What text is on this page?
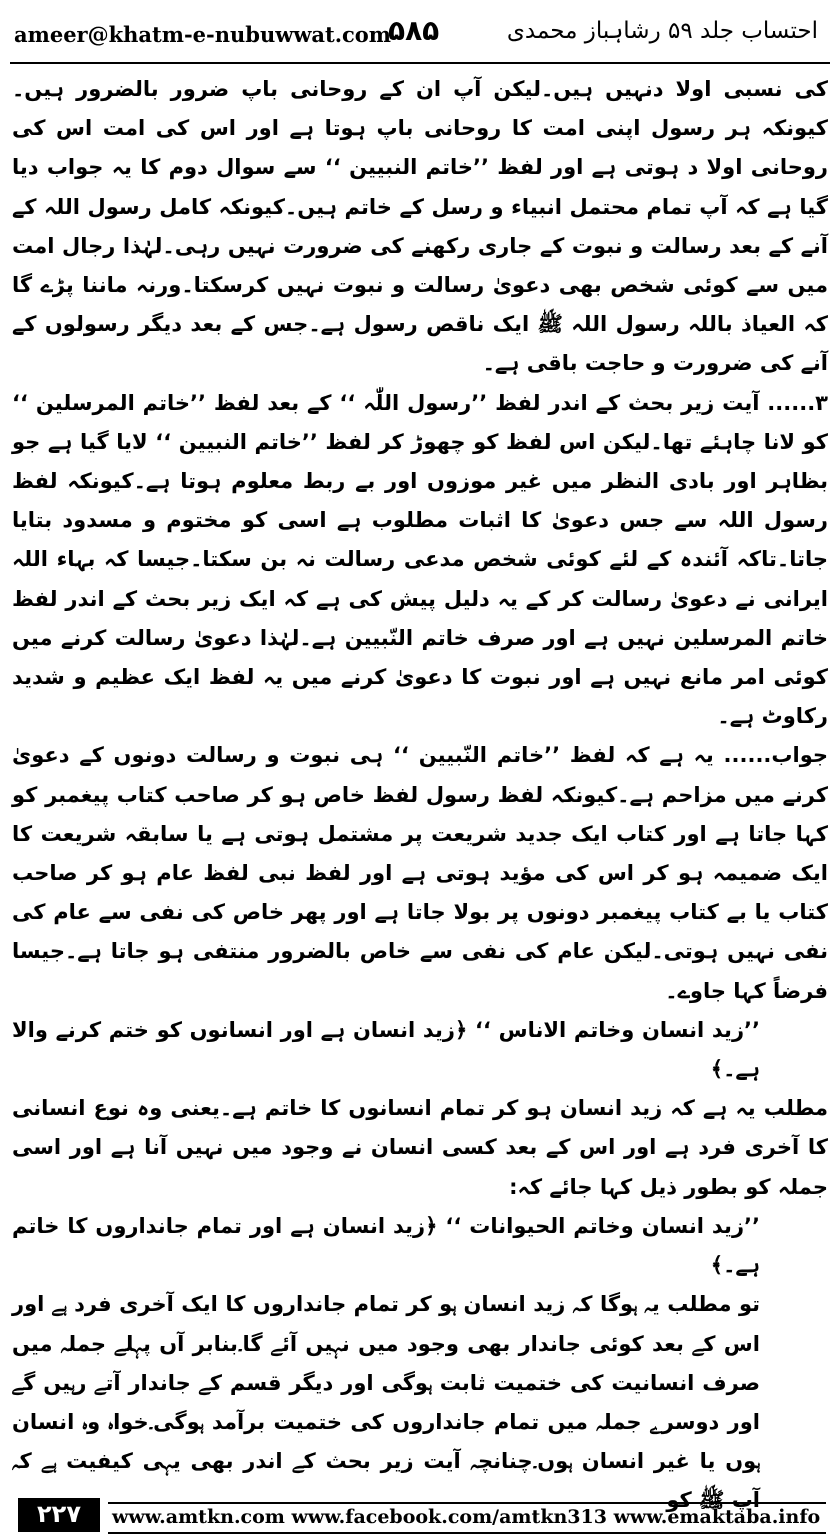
ameer@khatm-e-nubuwwat.com
۵۸۵	احتساب جلد ۵۹ رشاہباز محمدی

کی نسبی اولا دنہیں ہیں۔لیکن آپ ان کے روحانی باپ ضرور بالضرور ہیں۔کیونکہ ہر رسول اپنی امت کا روحانی باپ ہوتا ہے اور اس کی امت اس کی روحانی اولا د ہوتی ہے اور لفظ ’’خاتم النبیین ‘‘ سے سوال دوم کا یہ جواب دیا گیا ہے کہ آپ تمام محتمل انبیاء و رسل کے خاتم ہیں۔کیونکہ کامل رسول اللہ کے آنے کے بعد رسالت و نبوت کے جاری رکھنے کی ضرورت نہیں رہی۔لہٰذا رجال امت میں سے کوئی شخص بھی دعویٰ رسالت و نبوت نہیں کرسکتا۔ورنہ ماننا پڑے گا کہ العیاذ باللہ رسول اللہ ﷺ ایک ناقص رسول ہے۔جس کے بعد دیگر رسولوں کے آنے کی ضرورت و حاجت باقی ہے۔

۳...... آیت زیر بحث کے اندر لفظ ’’رسول اللّٰہ ‘‘ کے بعد لفظ ’’خاتم المرسلین ‘‘ کو لانا چاہئے تھا۔لیکن اس لفظ کو چھوڑ کر لفظ ’’خاتم النبیین ‘‘ لایا گیا ہے جو بظاہر اور بادی النظر میں غیر موزوں اور بے ربط معلوم ہوتا ہے۔کیونکہ لفظ رسول اللہ سے جس دعویٰ کا اثبات مطلوب ہے اسی کو مختوم و مسدود بتایا جاتا۔تاکہ آئندہ کے لئے کوئی شخص مدعی رسالت نہ بن سکتا۔جیسا کہ بہاء اللہ ایرانی نے دعویٰ رسالت کر کے یہ دلیل پیش کی ہے کہ ایک زیر بحث کے اندر لفظ خاتم المرسلین نہیں ہے اور صرف خاتم النّبیین ہے۔لہٰذا دعویٰ رسالت کرنے میں کوئی امر مانع نہیں ہے اور نبوت کا دعویٰ کرنے میں یہ لفظ ایک عظیم و شدید رکاوٹ ہے۔

جواب...... یہ ہے کہ لفظ ’’خاتم النّبیین ‘‘ ہی نبوت و رسالت دونوں کے دعویٰ کرنے میں مزاحم ہے۔کیونکہ لفظ رسول لفظ خاص ہو کر صاحب کتاب پیغمبر کو کہا جاتا ہے اور کتاب ایک جدید شریعت پر مشتمل ہوتی ہے یا سابقہ شریعت کا ایک ضمیمہ ہو کر اس کی مؤید ہوتی ہے اور لفظ نبی لفظ عام ہو کر صاحب کتاب یا بے کتاب پیغمبر دونوں پر بولا جاتا ہے اور پھر خاص کی نفی سے عام کی نفی نہیں ہوتی۔لیکن عام کی نفی سے خاص بالضرور منتفی ہو جاتا ہے۔جیسا فرضاً کہا جاوے۔

’’زید انسان وخاتم الاناس ‘‘ ﴿زید انسان ہے اور انسانوں کو ختم کرنے والا ہے۔﴾

مطلب یہ ہے کہ زید انسان ہو کر تمام انسانوں کا خاتم ہے۔یعنی وہ نوع انسانی کا آخری فرد ہے اور اس کے بعد کسی انسان نے وجود میں نہیں آنا ہے اور اسی جملہ کو بطور ذیل کہا جائے کہ:

’’زید انسان وخاتم الحیوانات ‘‘ ﴿زید انسان ہے اور تمام جانداروں کا خاتم ہے۔﴾

تو مطلب یہ ہوگا کہ زید انسان ہو کر تمام جانداروں کا ایک آخری فرد ہے اور اس کے بعد کوئی جاندار بھی وجود میں نہیں آئے گا۔بنابر آں پہلے جملہ میں صرف انسانیت کی ختمیت ثابت ہوگی اور دیگر قسم کے جاندار آتے رہیں گے اور دوسرے جملہ میں تمام جانداروں کی ختمیت برآمد ہوگی۔خواہ وہ انسان ہوں یا غیر انسان ہوں۔چنانچہ آیت زیر بحث کے اندر بھی یہی کیفیت ہے کہ آپ ﷺ کو

۲۲۷	www.amtkn.com www.facebook.com/amtkn313 www.emaktaba.info
